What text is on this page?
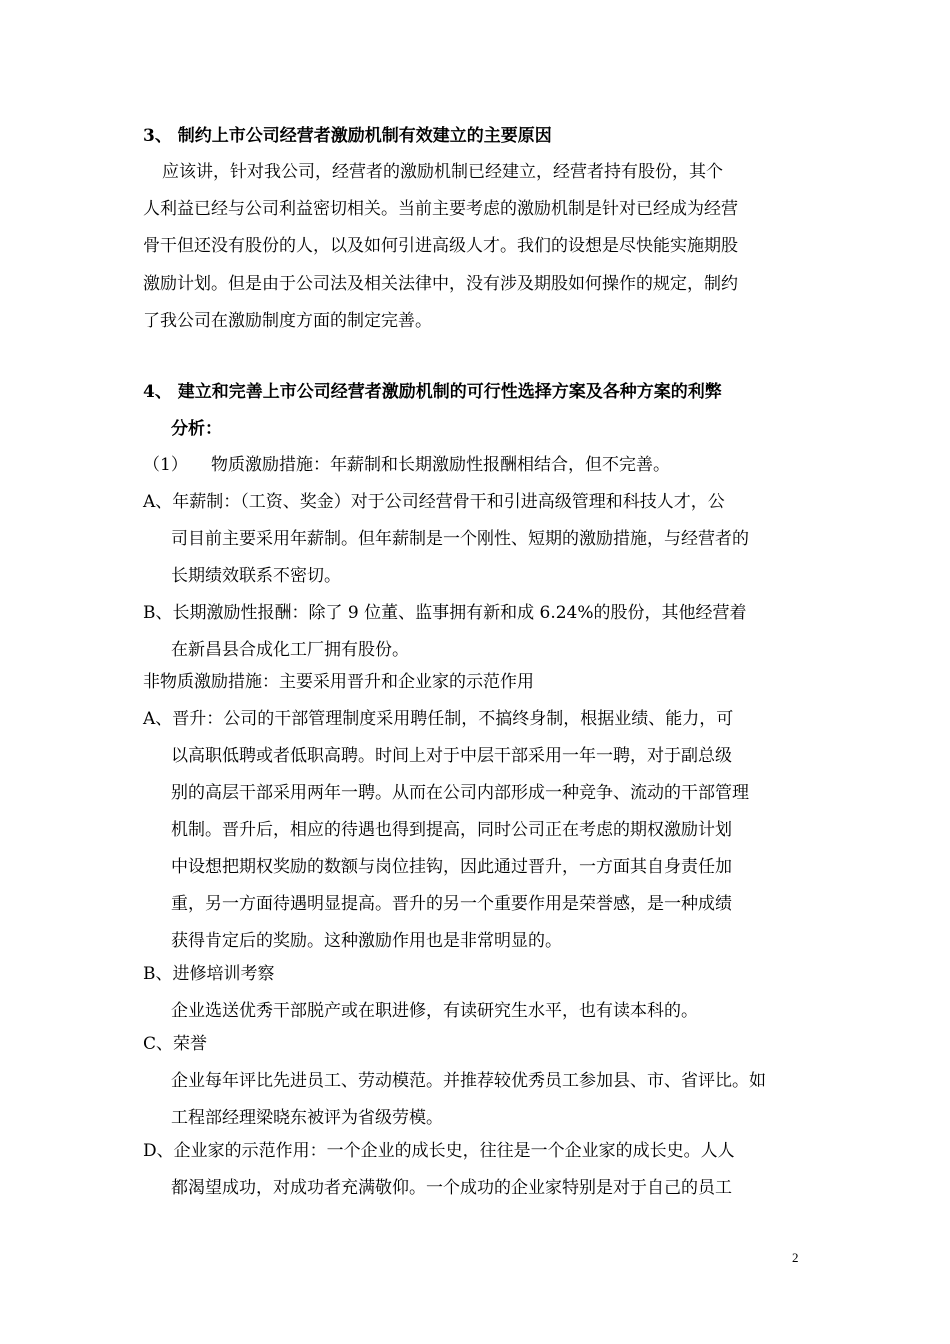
3、 制约上市公司经营者激励机制有效建立的主要原因

应该讲，针对我公司，经营者的激励机制已经建立，经营者持有股份，其个

人利益已经与公司利益密切相关。当前主要考虑的激励机制是针对已经成为经营

骨干但还没有股份的人，以及如何引进高级人才。我们的设想是尽快能实施期股

激励计划。但是由于公司法及相关法律中，没有涉及期股如何操作的规定，制约

了我公司在激励制度方面的制定完善。

4、 建立和完善上市公司经营者激励机制的可行性选择方案及各种方案的利弊

分析：

（1） 物质激励措施：年薪制和长期激励性报酬相结合，但不完善。

A、年薪制：（工资、奖金）对于公司经营骨干和引进高级管理和科技人才，公

司目前主要采用年薪制。但年薪制是一个刚性、短期的激励措施，与经营者的

长期绩效联系不密切。

B、长期激励性报酬：除了 9 位董、监事拥有新和成 6.24%的股份，其他经营着

在新昌县合成化工厂拥有股份。

非物质激励措施：主要采用晋升和企业家的示范作用

A、晋升：公司的干部管理制度采用聘任制，不搞终身制，根据业绩、能力，可

以高职低聘或者低职高聘。时间上对于中层干部采用一年一聘，对于副总级

别的高层干部采用两年一聘。从而在公司内部形成一种竞争、流动的干部管理

机制。晋升后，相应的待遇也得到提高，同时公司正在考虑的期权激励计划

中设想把期权奖励的数额与岗位挂钩，因此通过晋升，一方面其自身责任加

重，另一方面待遇明显提高。晋升的另一个重要作用是荣誉感，是一种成绩

获得肯定后的奖励。这种激励作用也是非常明显的。

B、进修培训考察

企业选送优秀干部脱产或在职进修，有读研究生水平，也有读本科的。

C、荣誉

企业每年评比先进员工、劳动模范。并推荐较优秀员工参加县、市、省评比。如

工程部经理梁晓东被评为省级劳模。

D、企业家的示范作用：一个企业的成长史，往往是一个企业家的成长史。人人

都渴望成功，对成功者充满敬仰。一个成功的企业家特别是对于自己的员工

2
